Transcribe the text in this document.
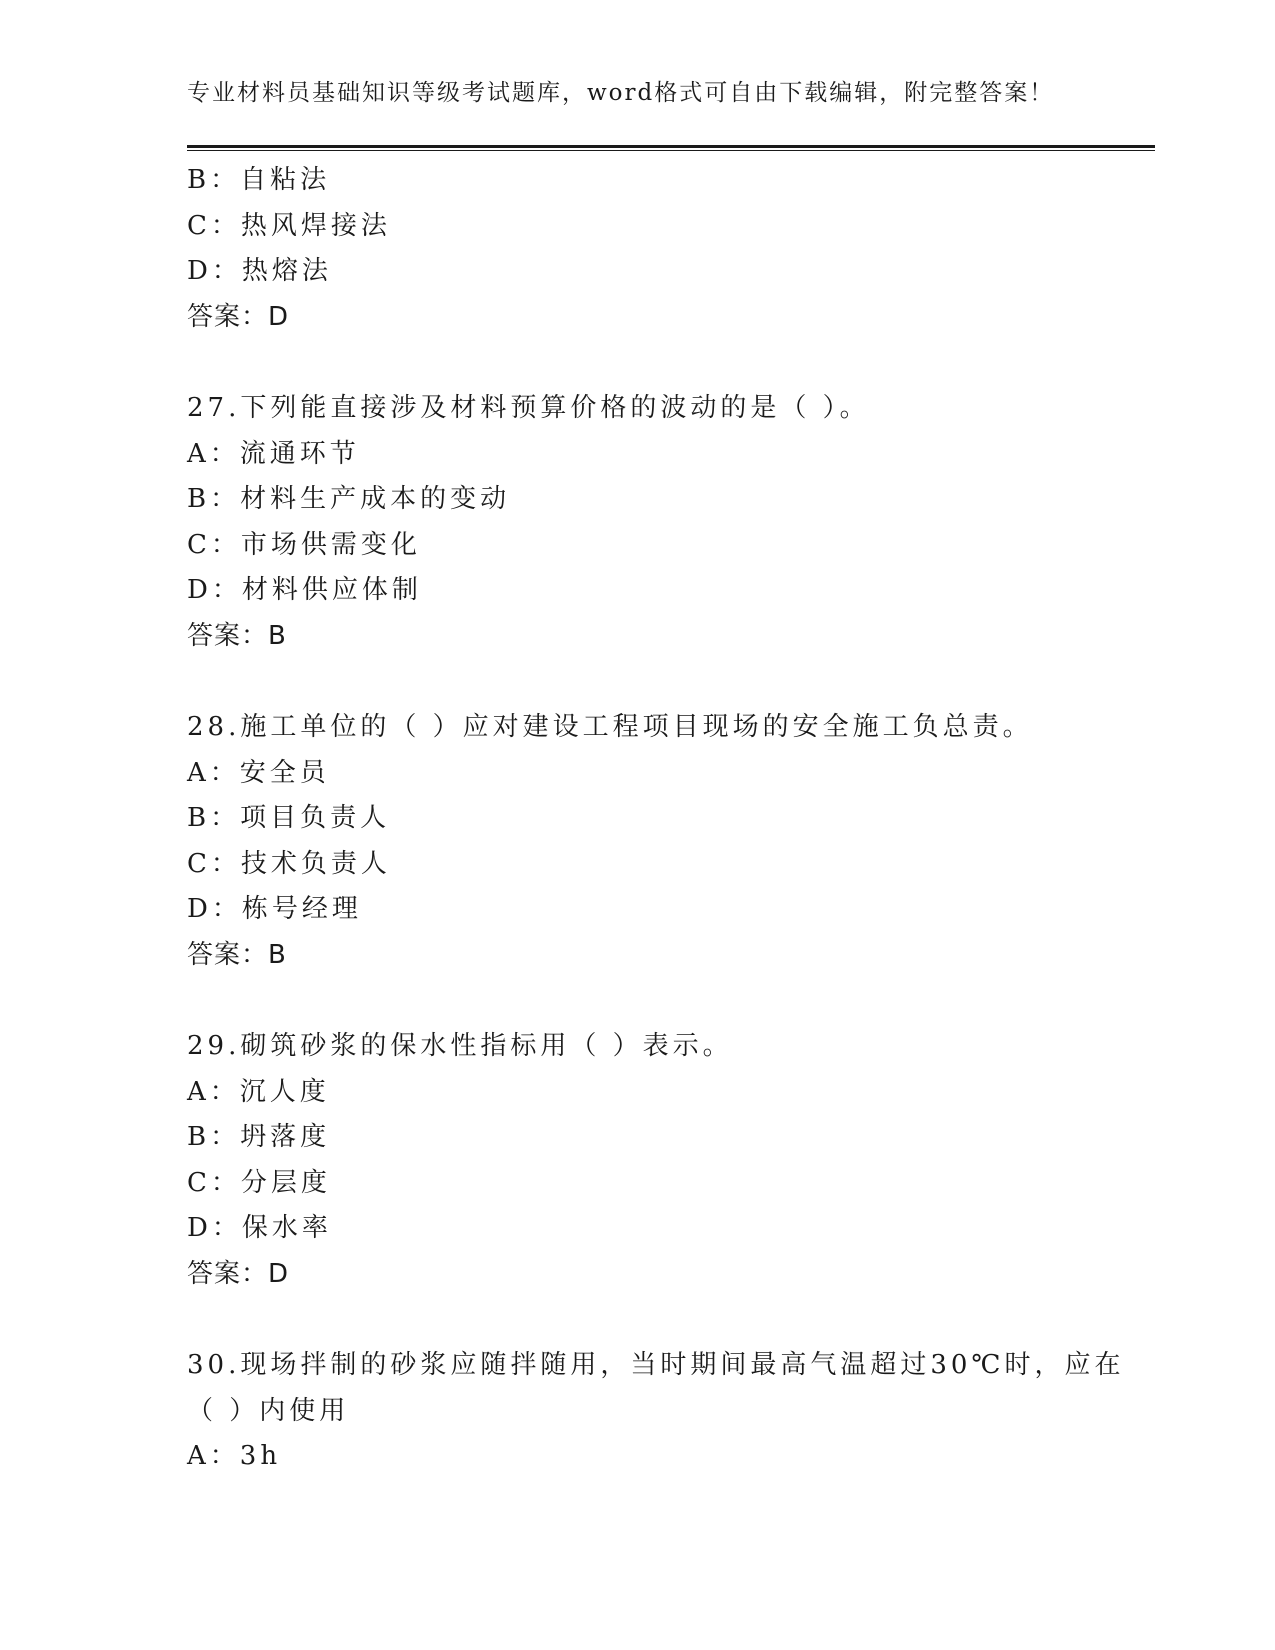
专业材料员基础知识等级考试题库，word格式可自由下载编辑，附完整答案！
B：自粘法
C：热风焊接法
D：热熔法
答案：D
27.下列能直接涉及材料预算价格的波动的是（ ）。
A：流通环节
B：材料生产成本的变动
C：市场供需变化
D：材料供应体制
答案：B
28.施工单位的（ ）应对建设工程项目现场的安全施工负总责。
A：安全员
B：项目负责人
C：技术负责人
D：栋号经理
答案：B
29.砌筑砂浆的保水性指标用（ ）表示。
A：沉人度
B：坍落度
C：分层度
D：保水率
答案：D
30.现场拌制的砂浆应随拌随用，当时期间最高气温超过30℃时，应在
（ ）内使用
A：3h
